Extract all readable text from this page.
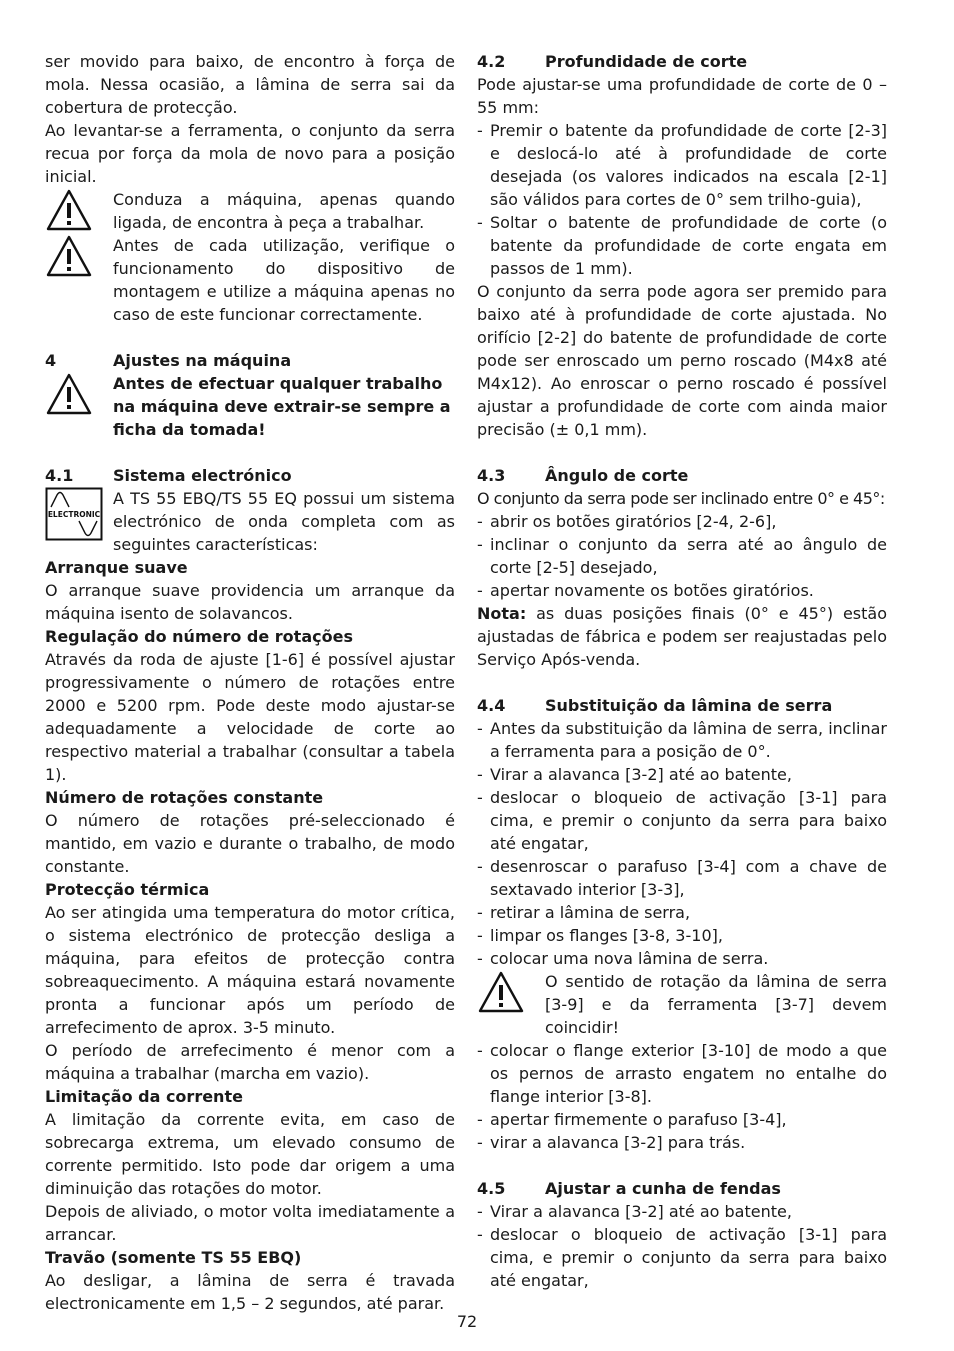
ser movido para baixo, de encontro à força de mola. Nessa ocasião, a lâmina de serra sai da cobertura de protecção.

Ao levantar-se a ferramenta, o conjunto da serra recua por força da mola de novo para a posição inicial.

Conduza a máquina, apenas quando ligada, de encontra à peça a trabalhar.
Antes de cada utilização, verifique o funcionamento do dispositivo de montagem e utilize a máquina apenas no caso de este funcionar correctamente.
4	Ajustes na máquina
Antes de efectuar qualquer trabalho na máquina deve extrair-se sempre a ficha da tomada!
4.1	Sistema electrónico
ELECTRONIC
A TS 55 EBQ/TS 55 EQ possui um sistema electrónico de onda completa com as seguintes características:

Arranque suave

O arranque suave providencia um arranque da máquina isento de solavancos.

Regulação do número de rotações

Através da roda de ajuste [1-6] é possível ajustar progressivamente o número de rotações entre 2000 e 5200 rpm. Pode deste modo ajustar-se adequadamente a velocidade de corte ao respectivo material a trabalhar (consultar a tabela 1).

Número de rotações constante

O número de rotações pré-seleccionado é mantido, em vazio e durante o trabalho, de modo constante.

Protecção térmica

Ao ser atingida uma temperatura do motor crítica, o sistema electrónico de protecção desliga a máquina, para efeitos de protecção contra sobreaquecimento. A máquina estará novamente pronta a funcionar após um período de arrefecimento de aprox. 3-5 minuto.

O período de arrefecimento é menor com a máquina a trabalhar (marcha em vazio).

Limitação da corrente

A limitação da corrente evita, em caso de sobrecarga extrema, um elevado consumo de corrente permitido. Isto pode dar origem a uma diminuição das rotações do motor.

Depois de aliviado, o motor volta imediatamente a arrancar.

Travão (somente TS 55 EBQ)

Ao desligar, a lâmina de serra é travada electronicamente em 1,5 – 2 segundos, até parar.

4.2	Profundidade de corte

Pode ajustar-se uma profundidade de corte de 0 – 55 mm:

- Premir o batente da profundidade de corte [2-3] e deslocá-lo até à profundidade de corte desejada (os valores indicados na escala [2-1] são válidos para cortes de 0° sem trilho-guia),
- Soltar o batente de profundidade de corte (o batente da profundidade de corte engata em passos de 1 mm).

O conjunto da serra pode agora ser premido para baixo até à profundidade de corte ajustada. No orifício [2-2] do batente de profundidade de corte pode ser enroscado um perno roscado (M4x8 até M4x12). Ao enroscar o perno roscado é possível ajustar a profundidade de corte com ainda maior precisão (± 0,1 mm).

4.3	Ângulo de corte

O conjunto da serra pode ser inclinado entre 0° e 45°:

- abrir os botões giratórios [2-4, 2-6],
- inclinar o conjunto da serra até ao ângulo de corte [2-5] desejado,
- apertar novamente os botões giratórios.

Nota: as duas posições finais (0° e 45°) estão ajustadas de fábrica e podem ser reajustadas pelo Serviço Após-venda.

4.4	Substituição da lâmina de serra
- Antes da substituição da lâmina de serra, inclinar a ferramenta para a posição de 0°.
- Virar a alavanca [3-2] até ao batente,
- deslocar o bloqueio de activação [3-1] para cima, e premir o conjunto da serra para baixo até engatar,
- desenroscar o parafuso [3-4] com a chave de sextavado interior [3-3],
- retirar a lâmina de serra,
- limpar os flanges [3-8, 3-10],
- colocar uma nova lâmina de serra.
O sentido de rotação da lâmina de serra [3-9] e da ferramenta [3-7] devem coincidir!
- colocar o flange exterior [3-10] de modo a que os pernos de arrasto engatem no entalhe do flange interior [3-8].
- apertar firmemente o parafuso [3-4],
- virar a alavanca [3-2] para trás.
4.5	Ajustar a cunha de fendas
- Virar a alavanca [3-2] até ao batente,
- deslocar o bloqueio de activação [3-1] para cima, e premir o conjunto da serra para baixo até engatar,
72
